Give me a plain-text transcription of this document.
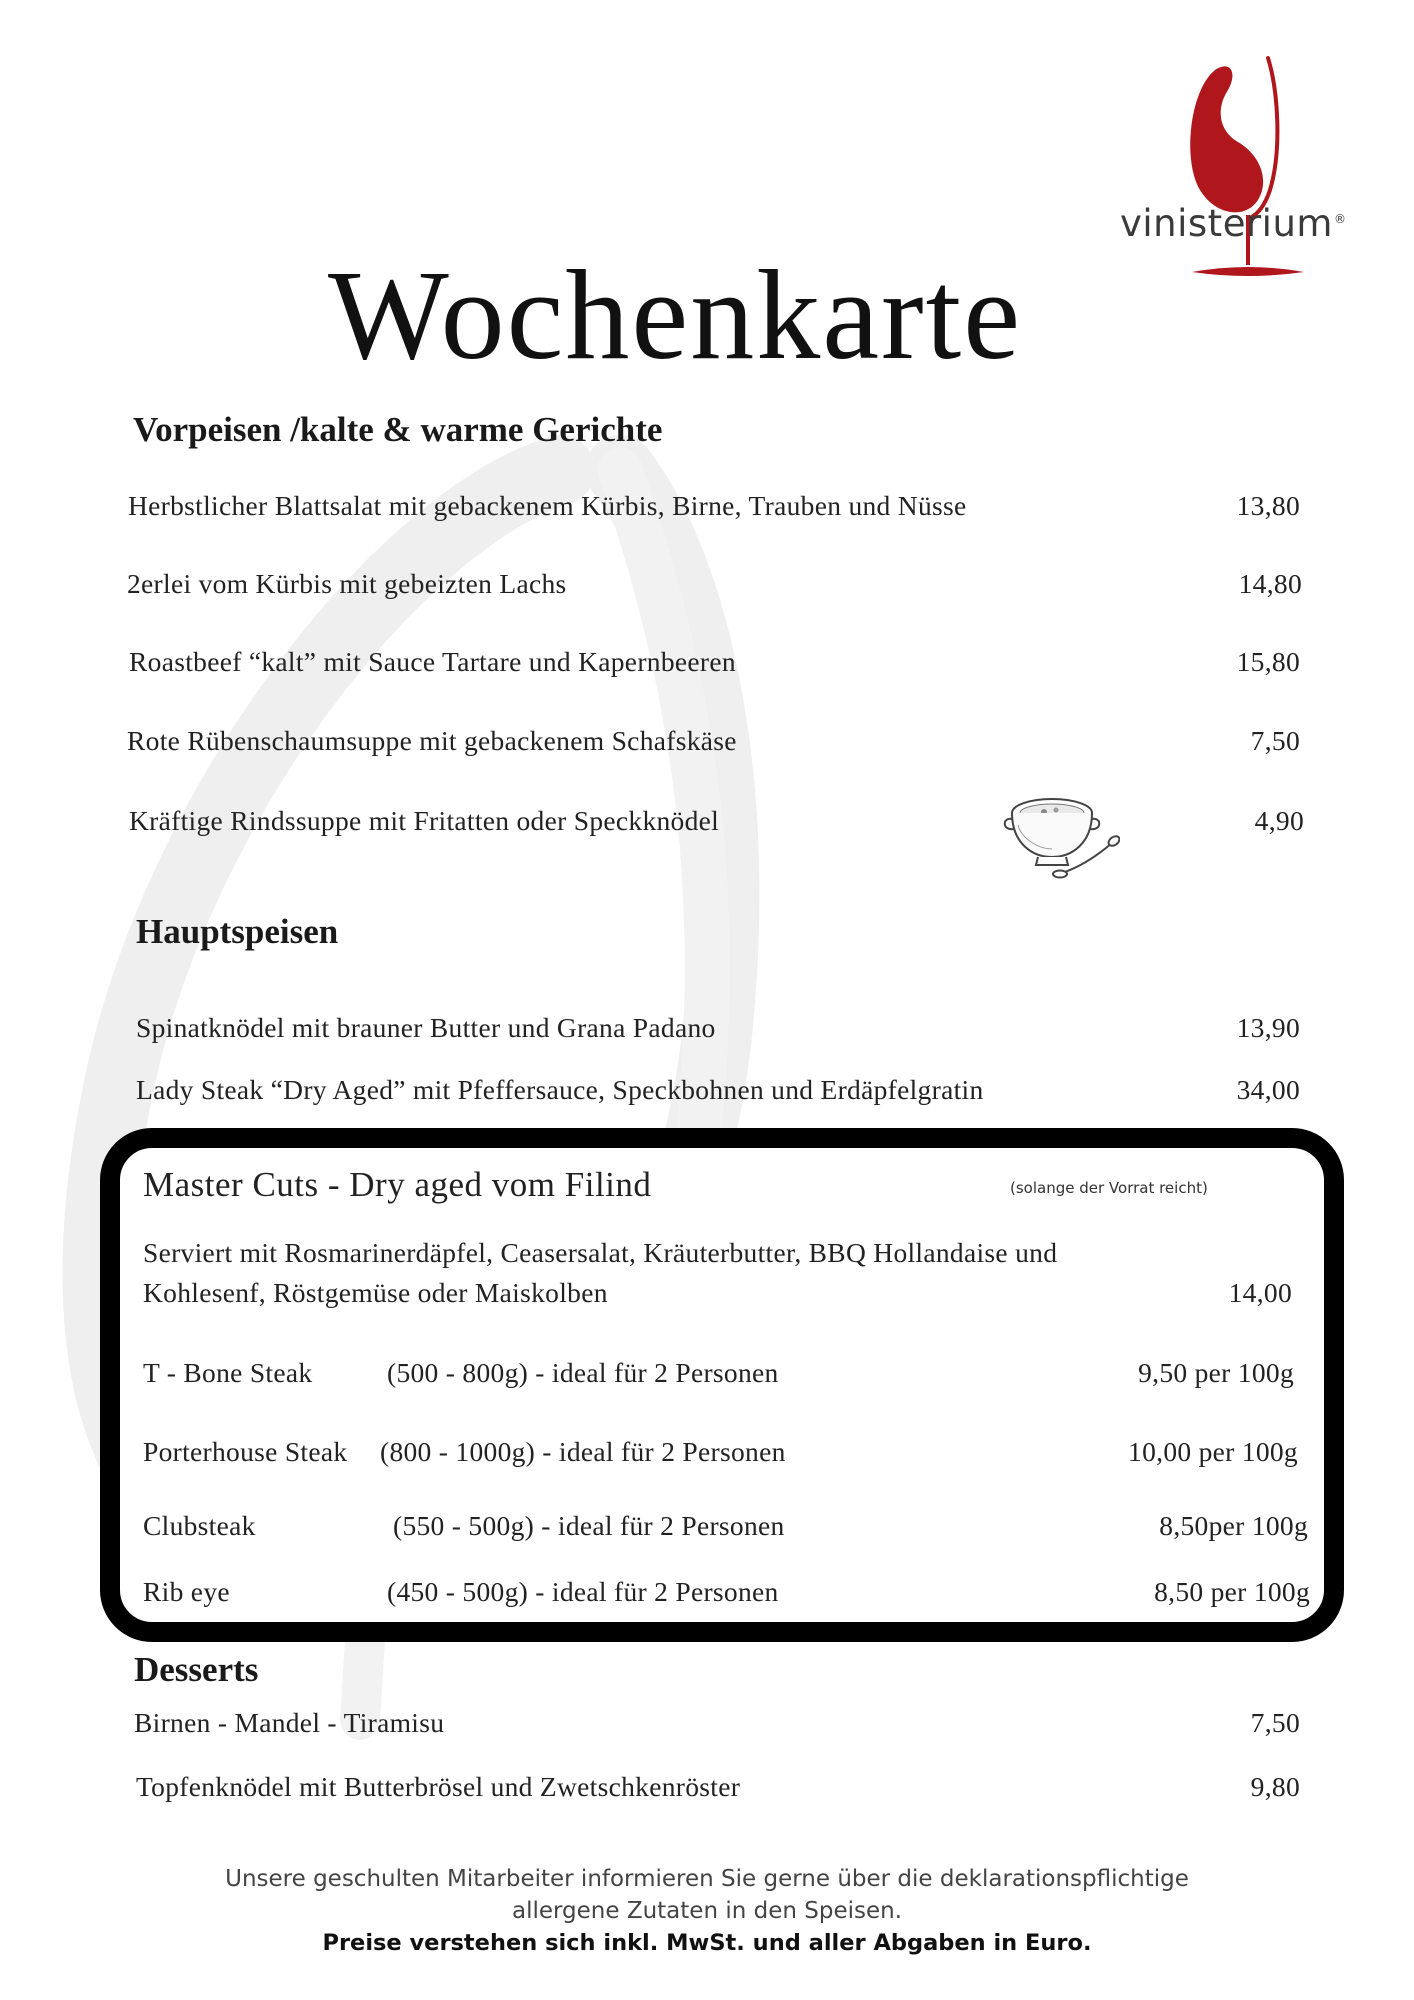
vinisterium®
Wochenkarte
Vorpeisen /kalte & warme Gerichte
Herbstlicher Blattsalat mit gebackenem Kürbis, Birne, Trauben und Nüsse	13,80
2erlei vom Kürbis mit gebeizten Lachs	14,80
Roastbeef “kalt” mit Sauce Tartare und Kapernbeeren	15,80
Rote Rübenschaumsuppe mit gebackenem Schafskäse	7,50
Kräftige Rindssuppe mit Fritatten oder Speckknödel	4,90
Hauptspeisen
Spinatknödel mit brauner Butter und Grana Padano	13,90
Lady Steak “Dry Aged” mit Pfeffersauce, Speckbohnen und Erdäpfelgratin	34,00
Master Cuts - Dry aged vom Filind	(solange der Vorrat reicht)
Serviert mit Rosmarinerdäpfel, Ceasersalat, Kräuterbutter, BBQ Hollandaise und
Kohlesenf, Röstgemüse oder Maiskolben	14,00
T - Bone Steak	(500 - 800g) - ideal für 2 Personen	9,50 per 100g
Porterhouse Steak (800 - 1000g) - ideal für 2 Personen	10,00 per 100g
Clubsteak	(550 - 500g) - ideal für 2 Personen	8,50per 100g
Rib eye	(450 - 500g) - ideal für 2 Personen	8,50 per 100g
Desserts
Birnen - Mandel - Tiramisu	7,50
Topfenknödel mit Butterbrösel und Zwetschkenröster	9,80
Unsere geschulten Mitarbeiter informieren Sie gerne über die deklarationspflichtige
allergene Zutaten in den Speisen.
Preise verstehen sich inkl. MwSt. und aller Abgaben in Euro.
